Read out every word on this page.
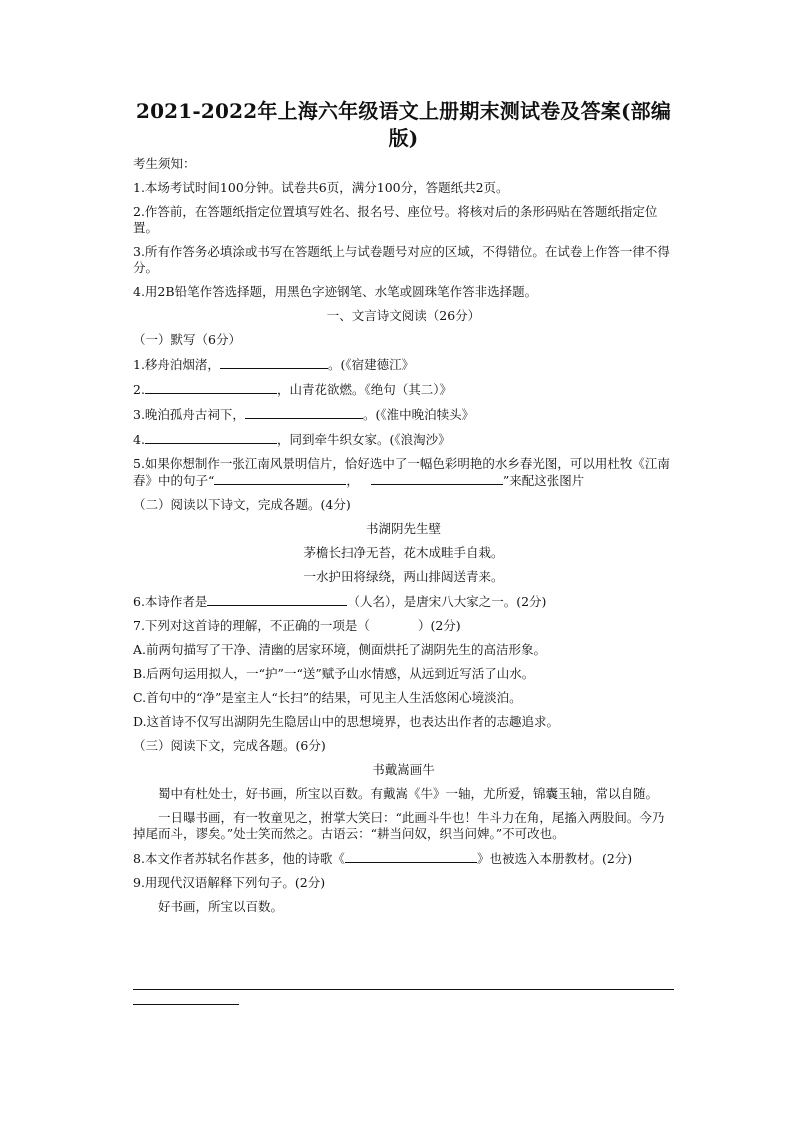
2021-2022年上海六年级语文上册期末测试卷及答案(部编版)

考生须知：

1.本场考试时间100分钟。试卷共6页，满分100分，答题纸共2页。

2.作答前，在答题纸指定位置填写姓名、报名号、座位号。将核对后的条形码贴在答题纸指定位置。

3.所有作答务必填涂或书写在答题纸上与试卷题号对应的区域，不得错位。在试卷上作答一律不得分。

4.用2B铅笔作答选择题，用黑色字迹钢笔、水笔或圆珠笔作答非选择题。

一、文言诗文阅读（26分）

（一）默写（6分）

1.移舟泊烟渚，	。(《宿建德江》

2.	，山青花欲燃。《绝句（其二）》

3.晚泊孤舟古祠下，	。(《淮中晚泊犊头》

4.	，同到牵牛织女家。(《浪淘沙》

5.如果你想制作一张江南风景明信片，恰好选中了一幅色彩明艳的水乡春光图，可以用杜牧《江南春》中的句子“	，	”来配这张图片

（二）阅读以下诗文，完成各题。(4分)

书湖阴先生壁

茅檐长扫净无苔，花木成畦手自栽。

一水护田将绿绕，两山排闼送青来。

6.本诗作者是	（人名），是唐宋八大家之一。(2分)

7.下列对这首诗的理解，不正确的一项是（	）(2分)

A.前两句描写了干净、清幽的居家环境，侧面烘托了湖阴先生的高洁形象。

B.后两句运用拟人，一“护”一“送”赋予山水情感，从远到近写活了山水。

C.首句中的“净”是室主人“长扫”的结果，可见主人生活悠闲心境淡泊。

D.这首诗不仅写出湖阴先生隐居山中的思想境界，也表达出作者的志趣追求。

（三）阅读下文，完成各题。(6分)

书戴嵩画牛

蜀中有杜处士，好书画，所宝以百数。有戴嵩《牛》一轴，尤所爱，锦囊玉轴，常以自随。

一日曝书画，有一牧童见之，拊掌大笑曰：“此画斗牛也！牛斗力在角，尾搐入两股间。今乃掉尾而斗，谬矣。”处士笑而然之。古语云：“耕当问奴，织当问婢。”不可改也。

8.本文作者苏轼名作甚多，他的诗歌《	》也被选入本册教材。(2分)

9.用现代汉语解释下列句子。(2分)

好书画，所宝以百数。
